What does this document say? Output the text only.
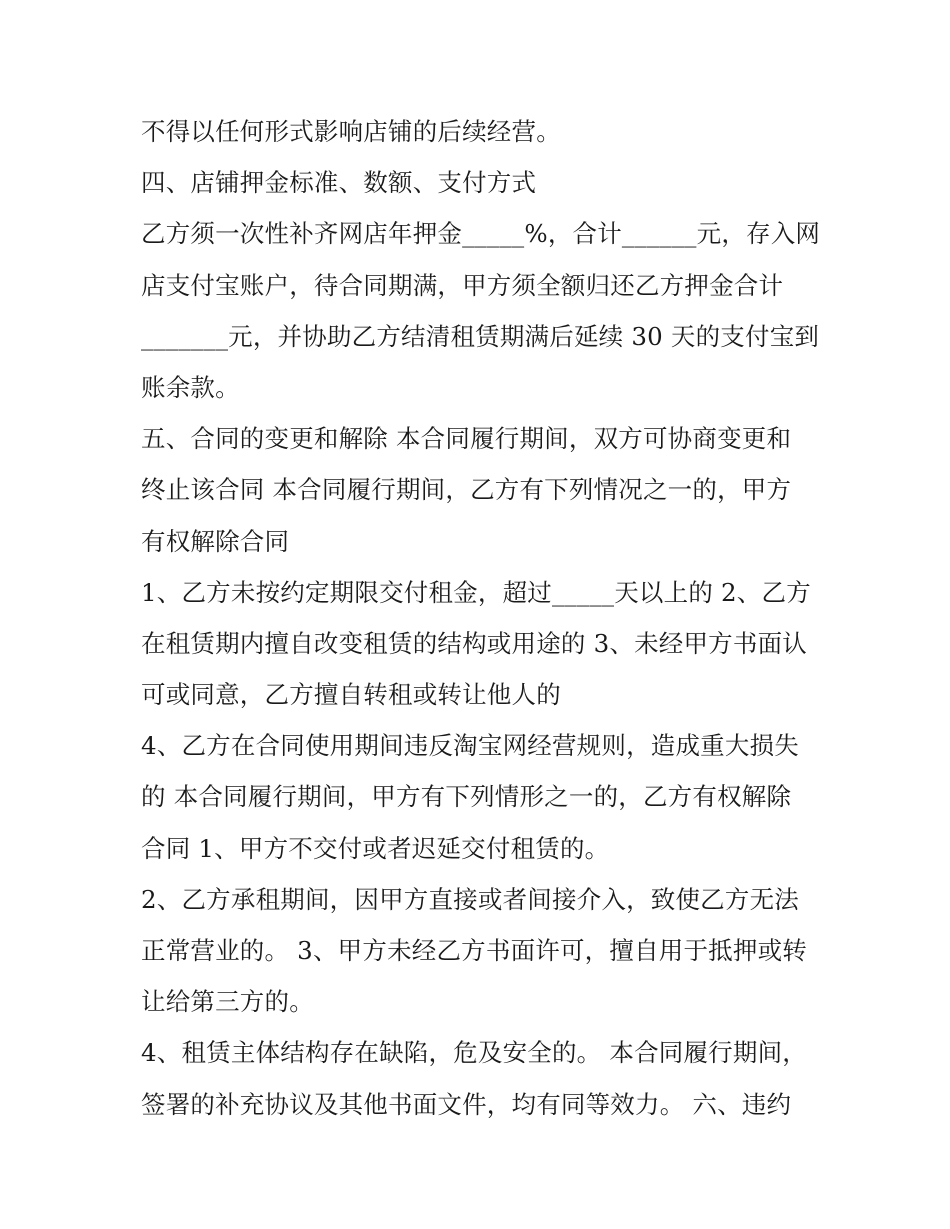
不得以任何形式影响店铺的后续经营。
四、店铺押金标准、数额、支付方式
乙方须一次性补齐网店年押金_____%，合计______元，存入网
店支付宝账户，待合同期满，甲方须全额归还乙方押金合计
_______元，并协助乙方结清租赁期满后延续 30 天的支付宝到
账余款。
五、合同的变更和解除 本合同履行期间，双方可协商变更和
终止该合同 本合同履行期间，乙方有下列情况之一的，甲方
有权解除合同
1、乙方未按约定期限交付租金，超过_____天以上的 2、乙方
在租赁期内擅自改变租赁的结构或用途的 3、未经甲方书面认
可或同意，乙方擅自转租或转让他人的
4、乙方在合同使用期间违反淘宝网经营规则，造成重大损失
的 本合同履行期间，甲方有下列情形之一的，乙方有权解除
合同 1、甲方不交付或者迟延交付租赁的。
2、乙方承租期间，因甲方直接或者间接介入，致使乙方无法
正常营业的。 3、甲方未经乙方书面许可，擅自用于抵押或转
让给第三方的。
4、租赁主体结构存在缺陷，危及安全的。 本合同履行期间，
签署的补充协议及其他书面文件，均有同等效力。 六、违约
